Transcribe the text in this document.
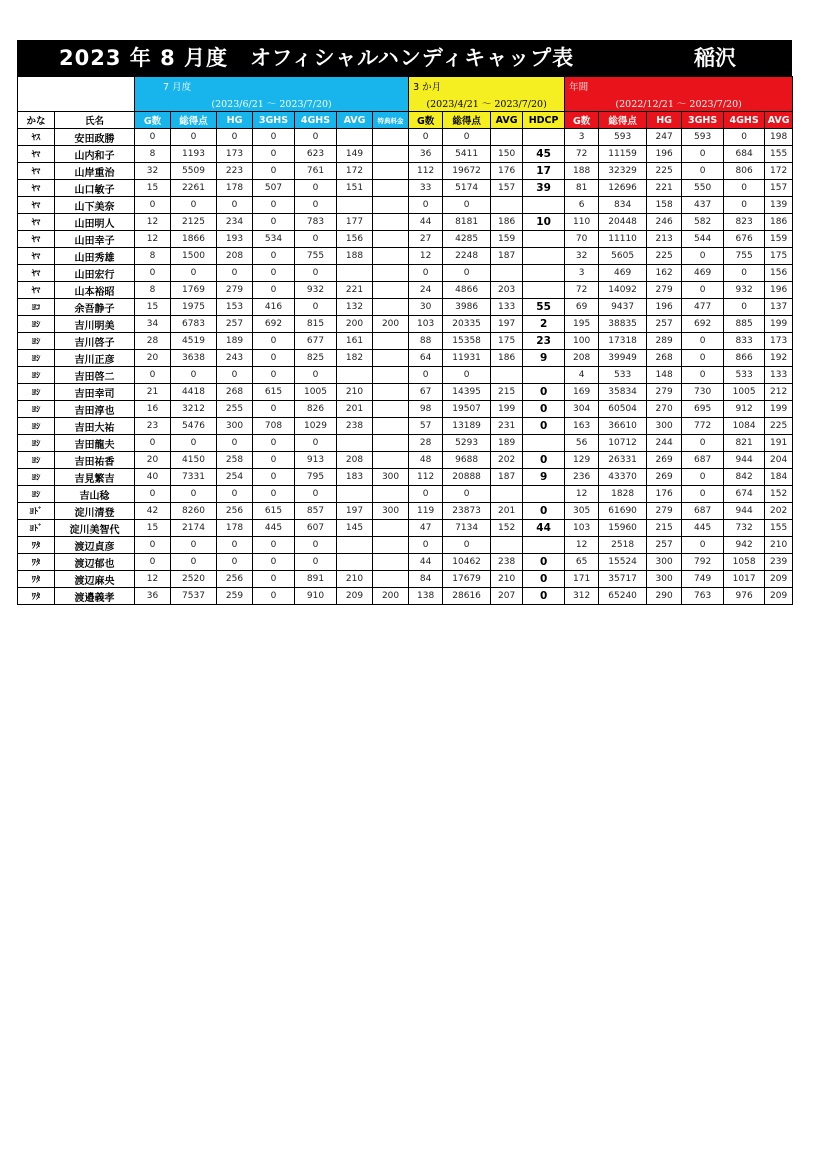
2023 年 8 月度　オフィシャルハンディキャップ表	稲沢
		7 月度							3 か月				年間					
		(2023/6/21 ～ 2023/7/20)							(2023/4/21 ～ 2023/7/20)				(2022/12/21 ～ 2023/7/20)					
かな	氏名	G数	総得点	HG	3GHS	4GHS	AVG	特典料金	G数	総得点	AVG	HDCP	G数	総得点	HG	3GHS	4GHS	AVG
ﾔｽ	安田政勝	0	0	0	0	0			0	0			3	593	247	593	0	198
ﾔﾏ	山内和子	8	1193	173	0	623	149		36	5411	150	45	72	11159	196	0	684	155
ﾔﾏ	山岸重治	32	5509	223	0	761	172		112	19672	176	17	188	32329	225	0	806	172
ﾔﾏ	山口敏子	15	2261	178	507	0	151		33	5174	157	39	81	12696	221	550	0	157
ﾔﾏ	山下美奈	0	0	0	0	0			0	0			6	834	158	437	0	139
ﾔﾏ	山田明人	12	2125	234	0	783	177		44	8181	186	10	110	20448	246	582	823	186
ﾔﾏ	山田幸子	12	1866	193	534	0	156		27	4285	159		70	11110	213	544	676	159
ﾔﾏ	山田秀雄	8	1500	208	0	755	188		12	2248	187		32	5605	225	0	755	175
ﾔﾏ	山田宏行	0	0	0	0	0			0	0			3	469	162	469	0	156
ﾔﾏ	山本裕昭	8	1769	279	0	932	221		24	4866	203		72	14092	279	0	932	196
ﾖｺ	余吾静子	15	1975	153	416	0	132		30	3986	133	55	69	9437	196	477	0	137
ﾖｼ	吉川明美	34	6783	257	692	815	200	200	103	20335	197	2	195	38835	257	692	885	199
ﾖｼ	吉川啓子	28	4519	189	0	677	161		88	15358	175	23	100	17318	289	0	833	173
ﾖｼ	吉川正彦	20	3638	243	0	825	182		64	11931	186	9	208	39949	268	0	866	192
ﾖｼ	吉田啓二	0	0	0	0	0			0	0			4	533	148	0	533	133
ﾖｼ	吉田幸司	21	4418	268	615	1005	210		67	14395	215	0	169	35834	279	730	1005	212
ﾖｼ	吉田淳也	16	3212	255	0	826	201		98	19507	199	0	304	60504	270	695	912	199
ﾖｼ	吉田大祐	23	5476	300	708	1029	238		57	13189	231	0	163	36610	300	772	1084	225
ﾖｼ	吉田龍夫	0	0	0	0	0			28	5293	189		56	10712	244	0	821	191
ﾖｼ	吉田祐香	20	4150	258	0	913	208		48	9688	202	0	129	26331	269	687	944	204
ﾖｼ	吉見繁吉	40	7331	254	0	795	183	300	112	20888	187	9	236	43370	269	0	842	184
ﾖｼ	吉山稔	0	0	0	0	0			0	0			12	1828	176	0	674	152
ﾖﾄﾞ	淀川清登	42	8260	256	615	857	197	300	119	23873	201	0	305	61690	279	687	944	202
ﾖﾄﾞ	淀川美智代	15	2174	178	445	607	145		47	7134	152	44	103	15960	215	445	732	155
ﾜﾀ	渡辺貞彦	0	0	0	0	0			0	0			12	2518	257	0	942	210
ﾜﾀ	渡辺郁也	0	0	0	0	0			44	10462	238	0	65	15524	300	792	1058	239
ﾜﾀ	渡辺麻央	12	2520	256	0	891	210		84	17679	210	0	171	35717	300	749	1017	209
ﾜﾀ	渡邉義孝	36	7537	259	0	910	209	200	138	28616	207	0	312	65240	290	763	976	209
